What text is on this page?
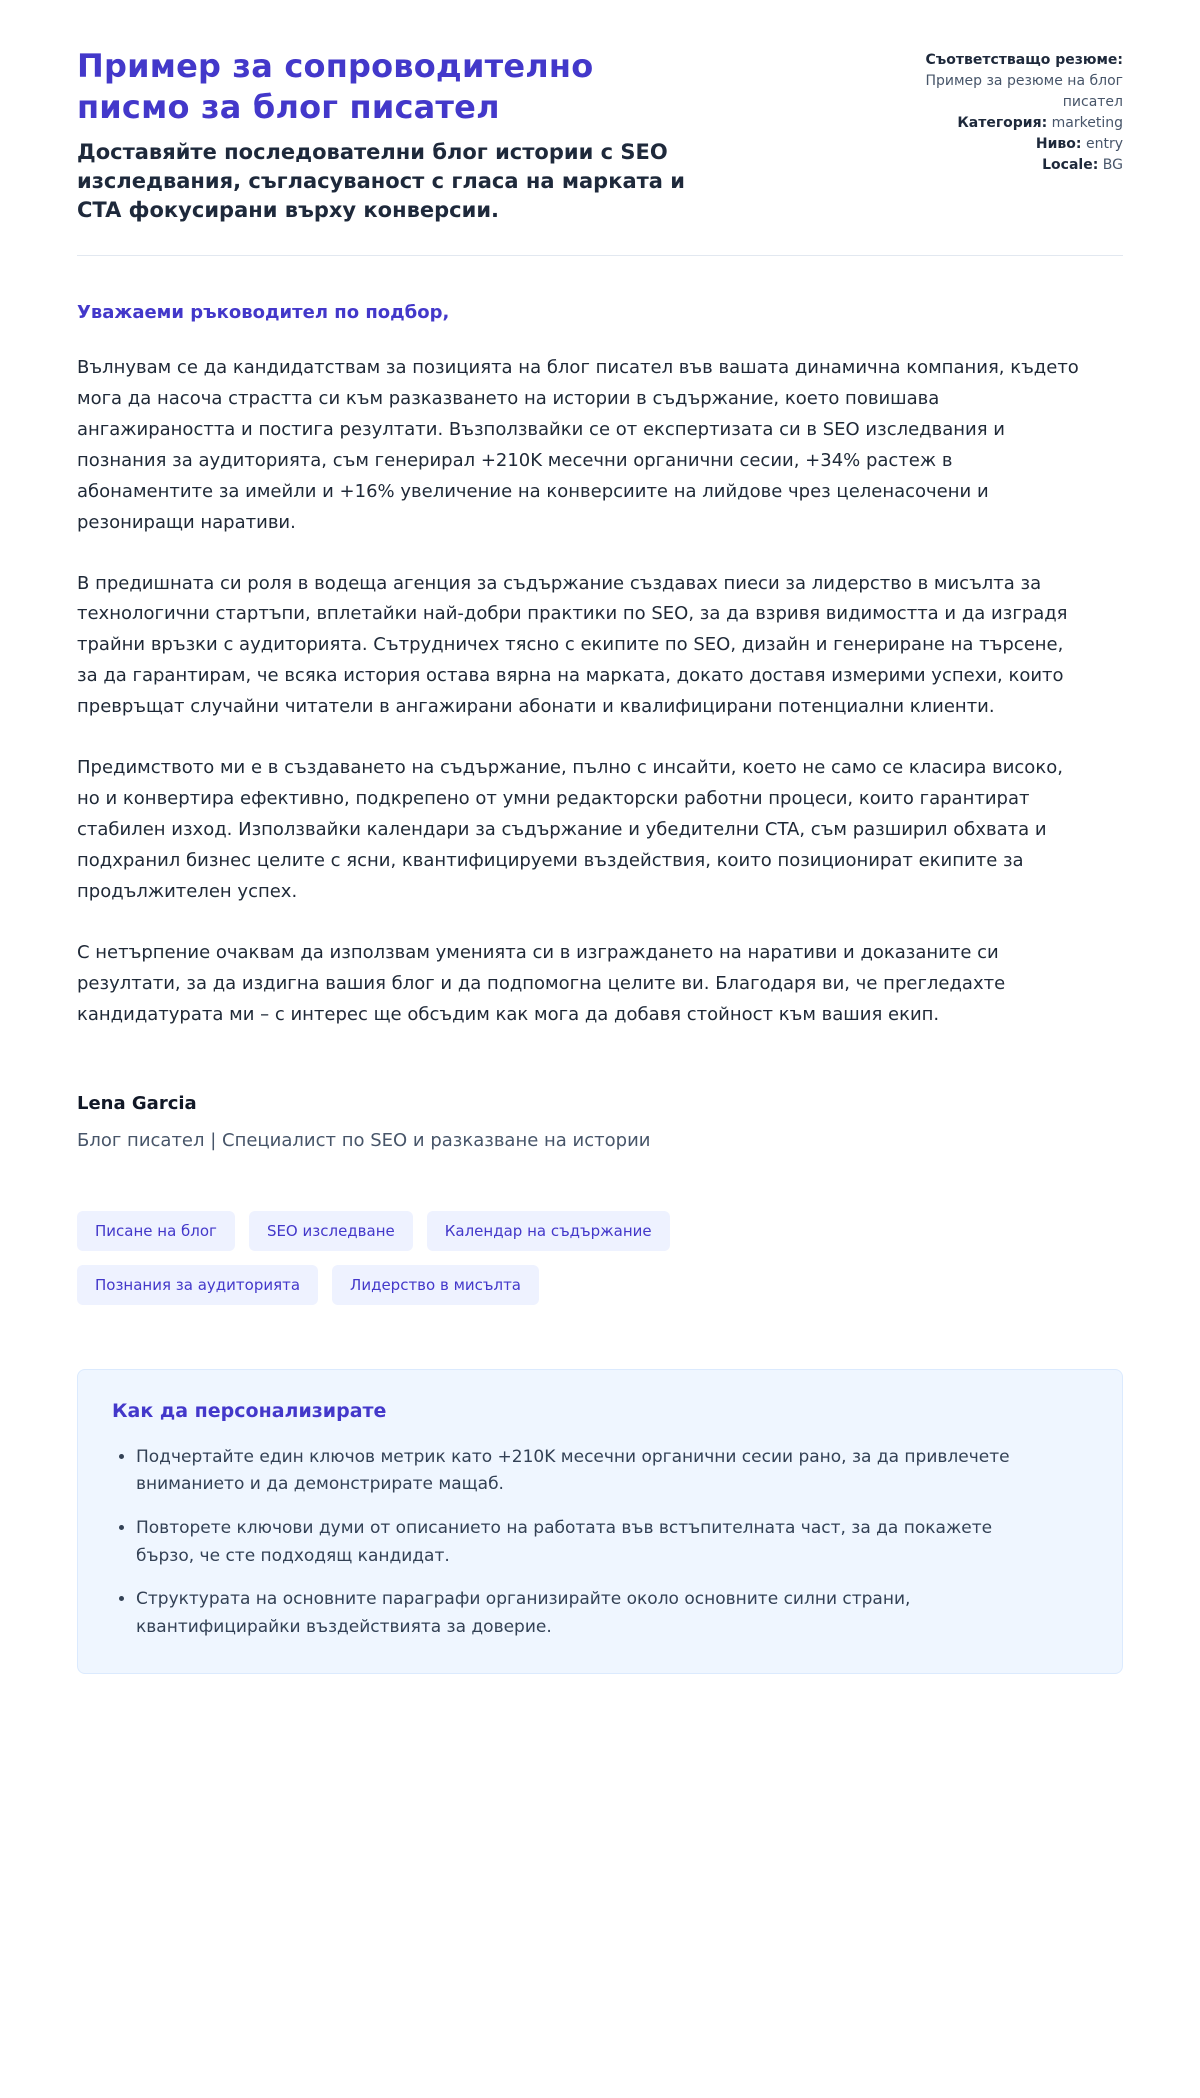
Пример за сопроводително писмо за блог писател
Доставяйте последователни блог истории с SEO изследвания, съгласуваност с гласа на марката и CTA фокусирани върху конверсии.
Съответстващо резюме: Пример за резюме на блог писател
Категория: marketing
Ниво: entry
Locale: BG
Уважаеми ръководител по подбор,

Вълнувам се да кандидатствам за позицията на блог писател във вашата динамична компания, където мога да насоча страстта си към разказването на истории в съдържание, което повишава ангажираността и постига резултати. Възползвайки се от експертизата си в SEO изследвания и познания за аудиторията, съм генерирал +210K месечни органични сесии, +34% растеж в абонаментите за имейли и +16% увеличение на конверсиите на лийдове чрез целенасочени и резониращи наративи.

В предишната си роля в водеща агенция за съдържание създавах пиеси за лидерство в мисълта за технологични стартъпи, вплетайки най-добри практики по SEO, за да взривя видимостта и да изградя трайни връзки с аудиторията. Сътрудничех тясно с екипите по SEO, дизайн и генериране на търсене, за да гарантирам, че всяка история остава вярна на марката, докато доставя измерими успехи, които превръщат случайни читатели в ангажирани абонати и квалифицирани потенциални клиенти.

Предимството ми е в създаването на съдържание, пълно с инсайти, което не само се класира високо, но и конвертира ефективно, подкрепено от умни редакторски работни процеси, които гарантират стабилен изход. Използвайки календари за съдържание и убедителни CTA, съм разширил обхвата и подхранил бизнес целите с ясни, квантифицируеми въздействия, които позиционират екипите за продължителен успех.

С нетърпение очаквам да използвам уменията си в изграждането на наративи и доказаните си резултати, за да издигна вашия блог и да подпомогна целите ви. Благодаря ви, че прегледахте кандидатурата ми – с интерес ще обсъдим как мога да добавя стойност към вашия екип.

Lena Garcia
Блог писател | Специалист по SEO и разказване на истории
Писане на блог	SEO изследване	Календар на съдържание
Познания за аудиторията	Лидерство в мисълта
Как да персонализирате
• Подчертайте един ключов метрик като +210K месечни органични сесии рано, за да привлечете вниманието и да демонстрирате мащаб.
• Повторете ключови думи от описанието на работата във встъпителната част, за да покажете бързо, че сте подходящ кандидат.
• Структурата на основните параграфи организирайте около основните силни страни, квантифицирайки въздействията за доверие.
